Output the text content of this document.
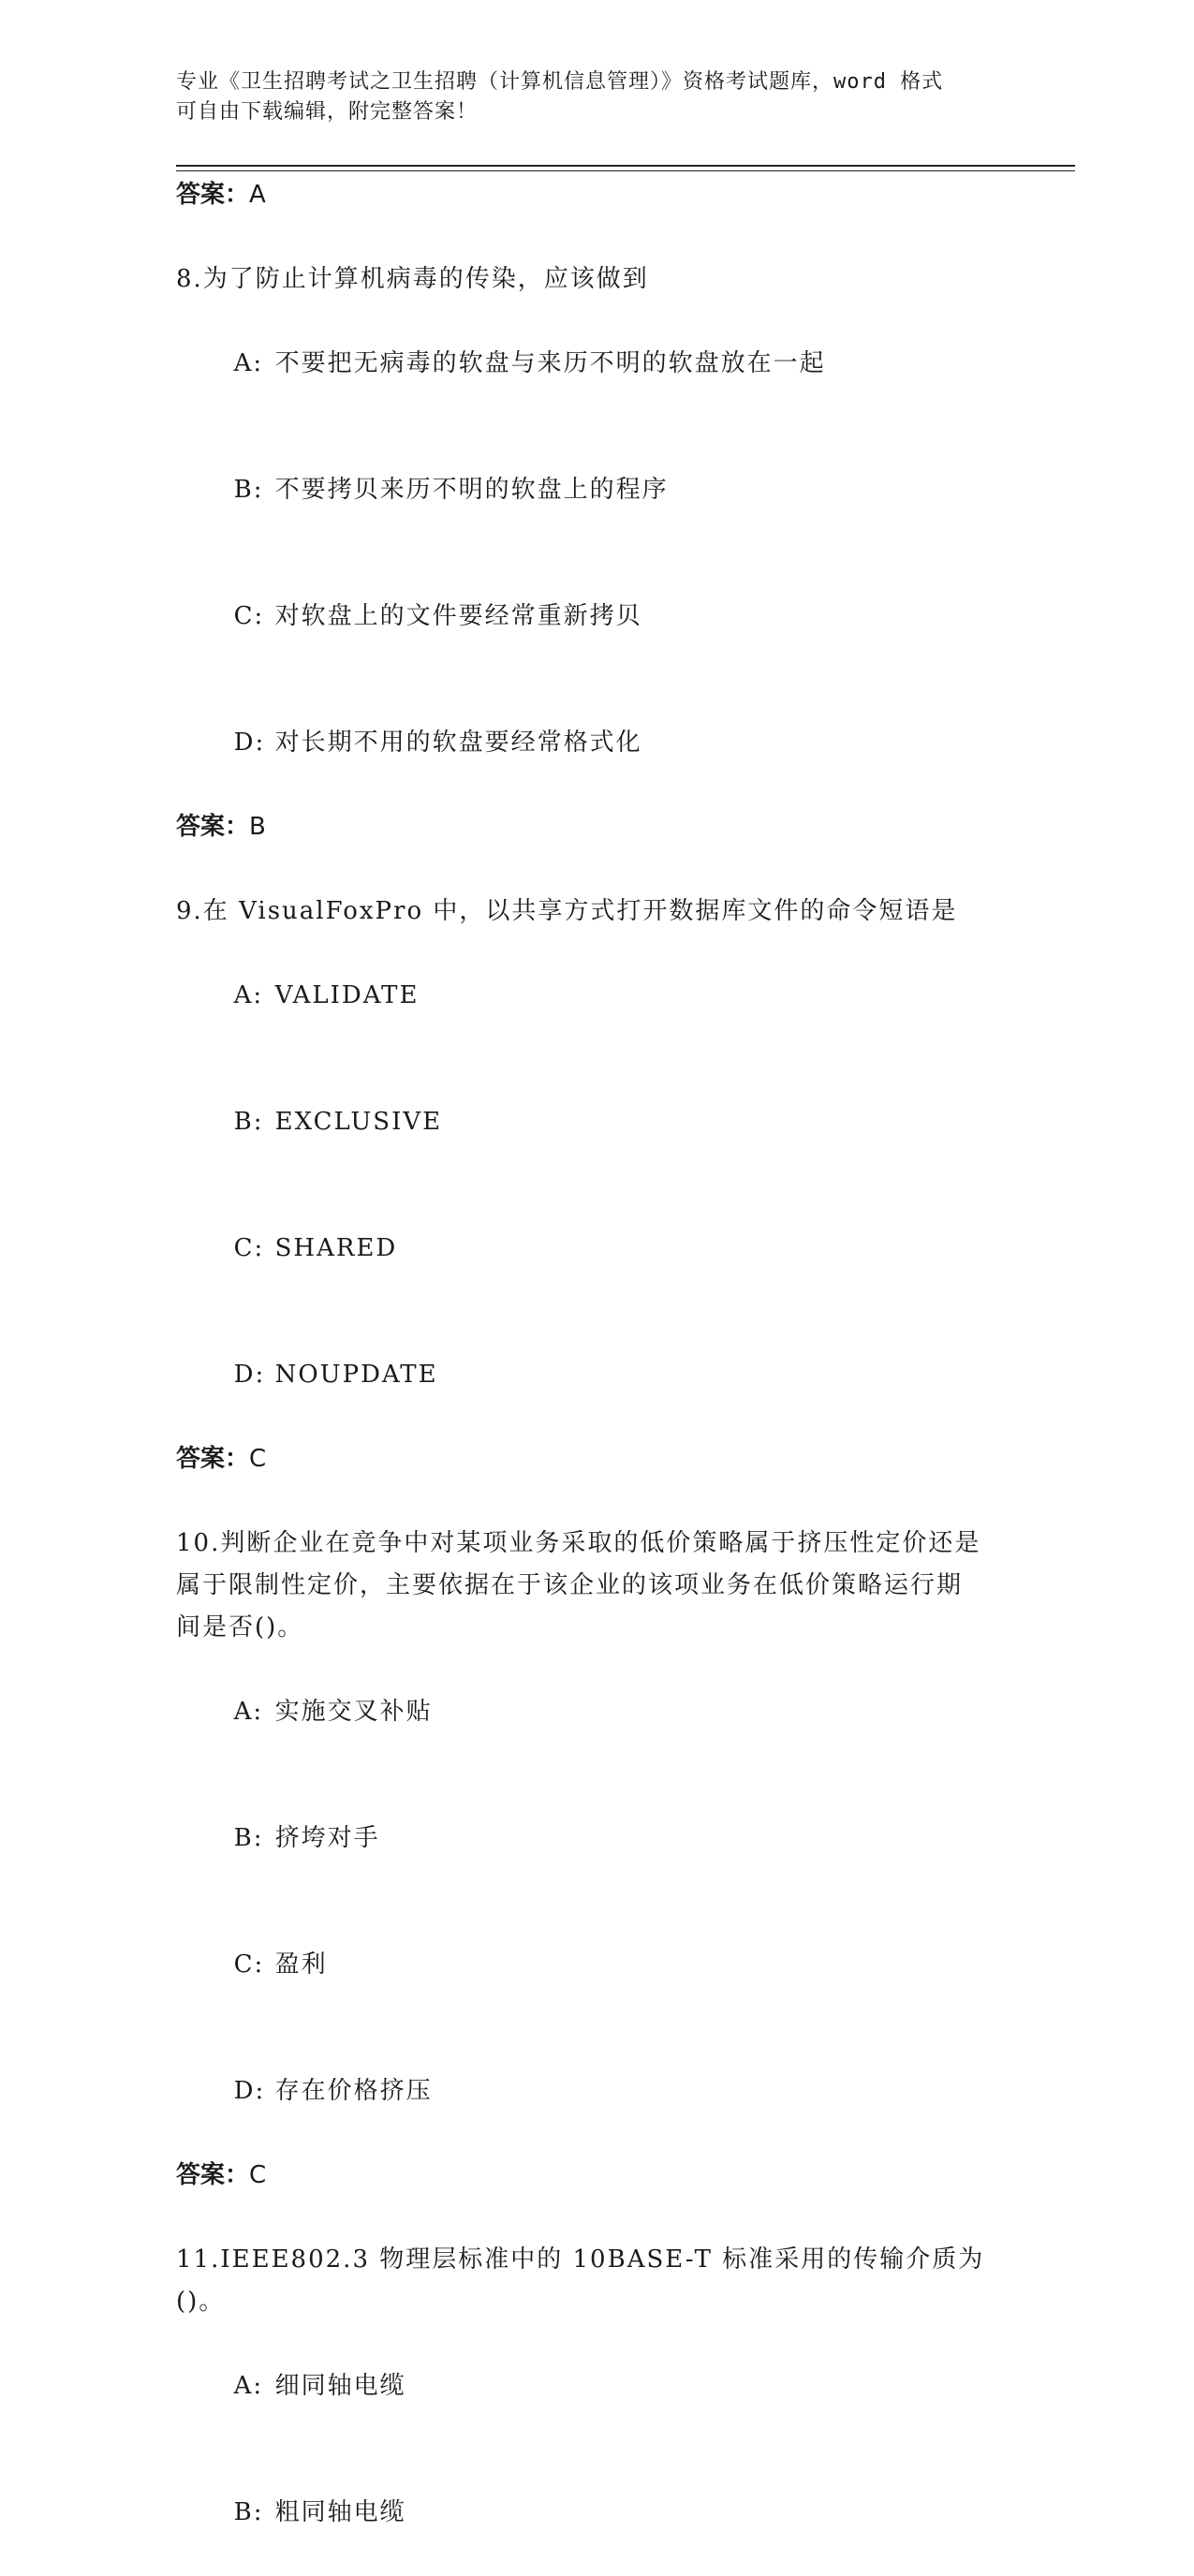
专业《卫生招聘考试之卫生招聘（计算机信息管理）》资格考试题库，word 格式
可自由下载编辑，附完整答案！
答案：A
8.为了防止计算机病毒的传染，应该做到

A: 不要把无病毒的软盘与来历不明的软盘放在一起

B: 不要拷贝来历不明的软盘上的程序

C: 对软盘上的文件要经常重新拷贝

D: 对长期不用的软盘要经常格式化

答案：B
9.在 VisualFoxPro 中，以共享方式打开数据库文件的命令短语是

A: VALIDATE

B: EXCLUSIVE

C: SHARED

D: NOUPDATE

答案：C
10.判断企业在竞争中对某项业务采取的低价策略属于挤压性定价还是
属于限制性定价，主要依据在于该企业的该项业务在低价策略运行期
间是否()。

A: 实施交叉补贴

B: 挤垮对手

C: 盈利

D: 存在价格挤压

答案：C
11.IEEE802.3 物理层标准中的 10BASE-T 标准采用的传输介质为()。

A: 细同轴电缆

B: 粗同轴电缆
